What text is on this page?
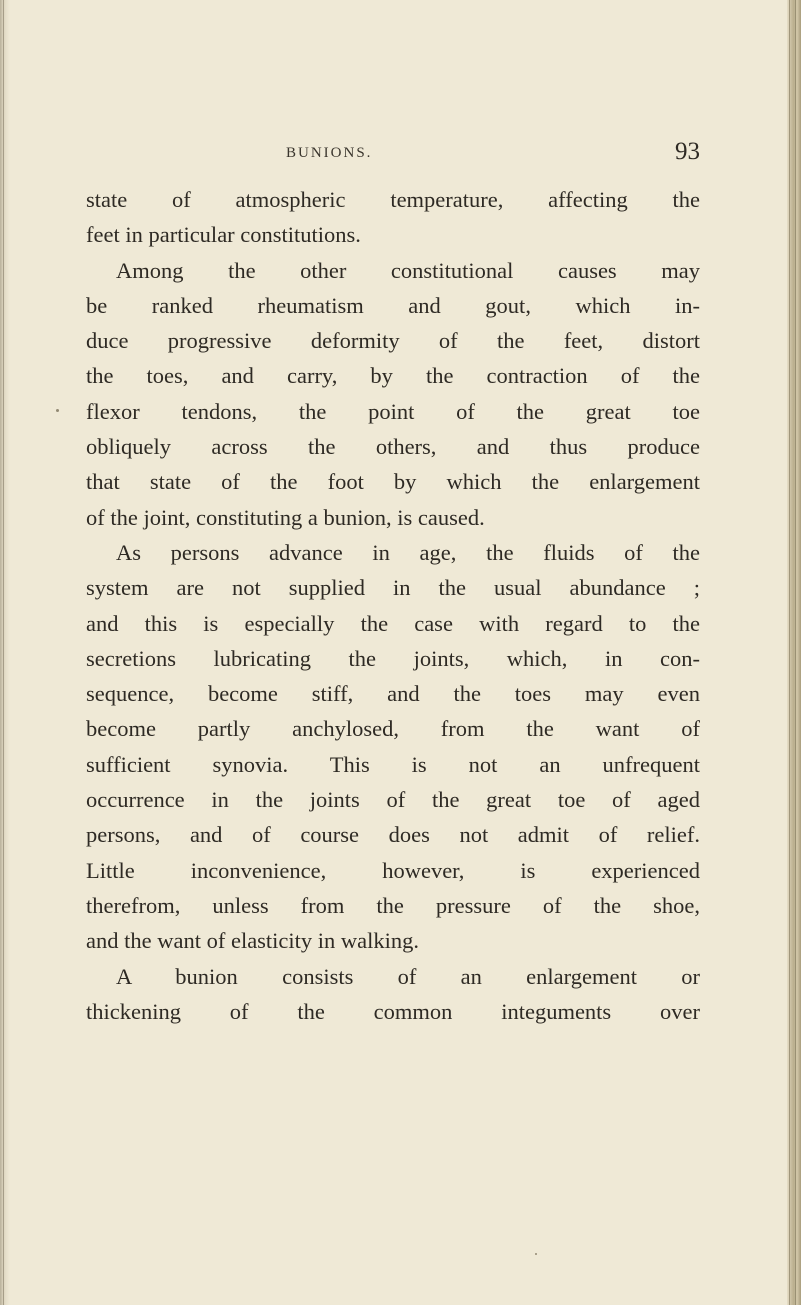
BUNIONS.	93
state of atmospheric temperature, affecting the
feet in particular constitutions.
Among the other constitutional causes may
be ranked rheumatism and gout, which in-
duce progressive deformity of the feet, distort
the toes, and carry, by the contraction of the
flexor tendons, the point of the great toe
obliquely across the others, and thus produce
that state of the foot by which the enlargement
of the joint, constituting a bunion, is caused.
As persons advance in age, the fluids of the
system are not supplied in the usual abundance ;
and this is especially the case with regard to the
secretions lubricating the joints, which, in con-
sequence, become stiff, and the toes may even
become partly anchylosed, from the want of
sufficient synovia. This is not an unfrequent
occurrence in the joints of the great toe of aged
persons, and of course does not admit of relief.
Little inconvenience, however, is experienced
therefrom, unless from the pressure of the shoe,
and the want of elasticity in walking.
A bunion consists of an enlargement or
thickening of the common integuments over
